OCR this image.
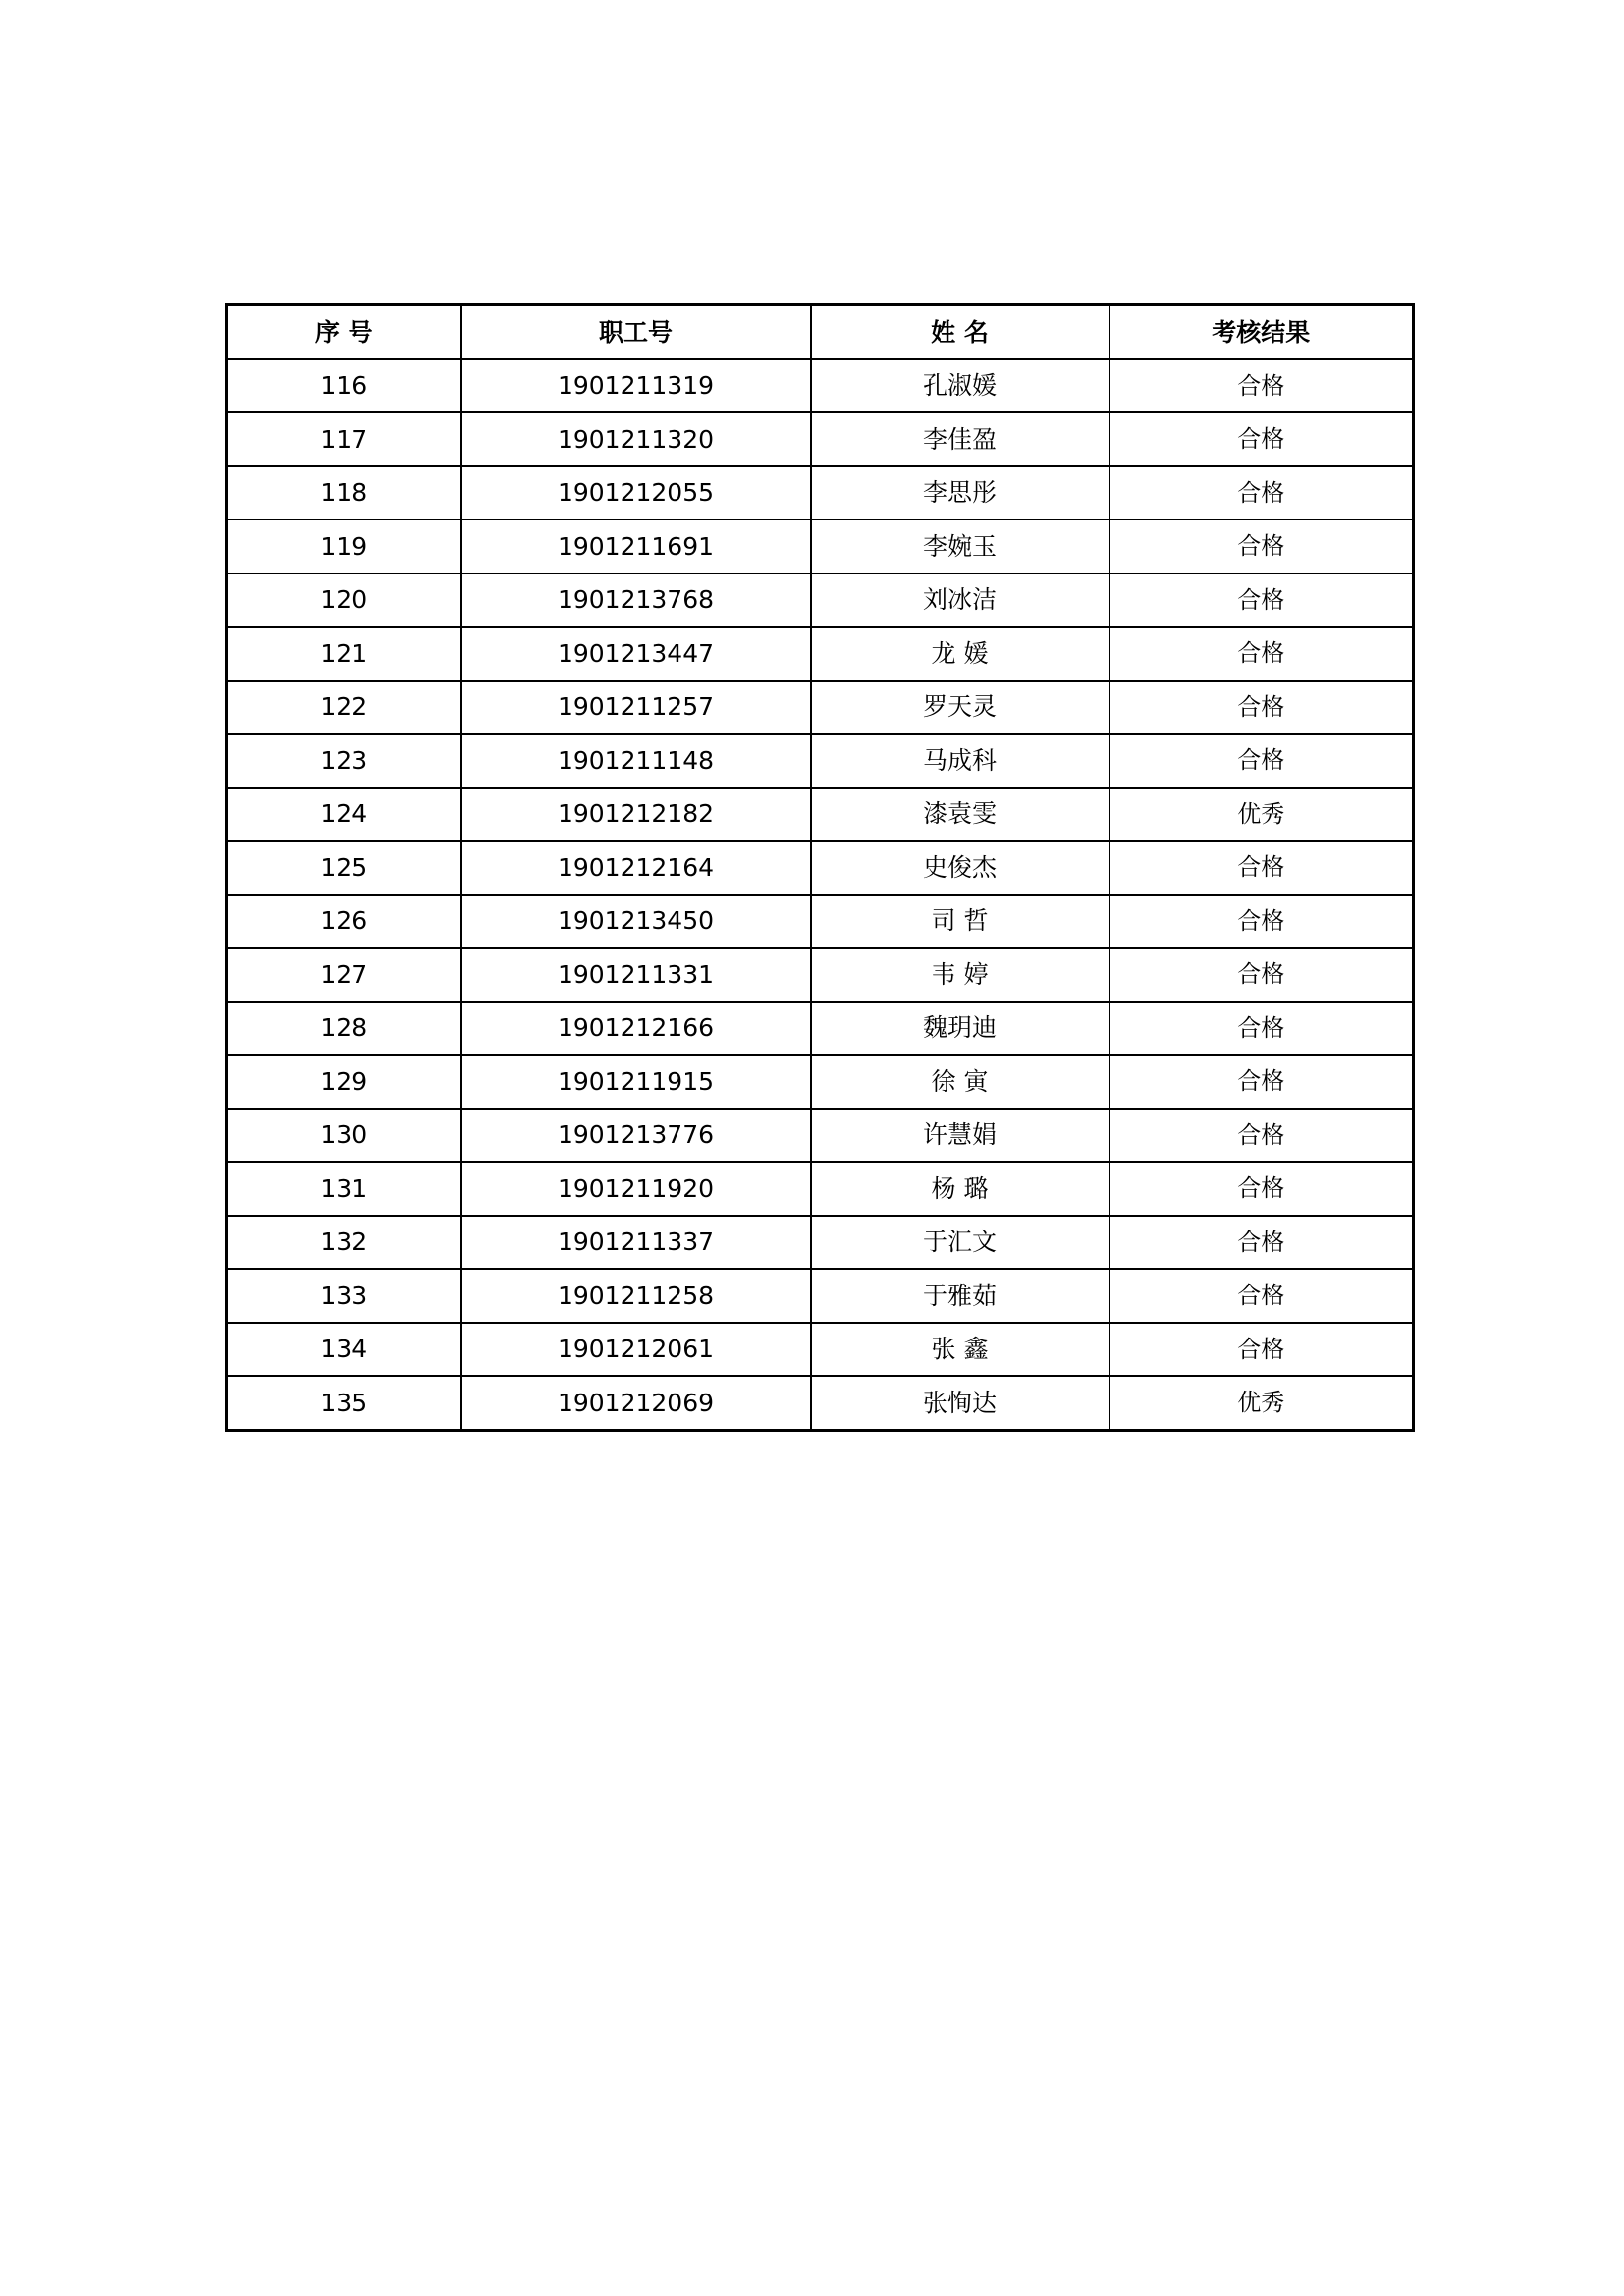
序 号	职工号	姓 名	考核结果
116	1901211319	孔淑媛	合格
117	1901211320	李佳盈	合格
118	1901212055	李思彤	合格
119	1901211691	李婉玉	合格
120	1901213768	刘冰洁	合格
121	1901213447	龙 媛	合格
122	1901211257	罗天灵	合格
123	1901211148	马成科	合格
124	1901212182	漆袁雯	优秀
125	1901212164	史俊杰	合格
126	1901213450	司 哲	合格
127	1901211331	韦 婷	合格
128	1901212166	魏玥迪	合格
129	1901211915	徐 寅	合格
130	1901213776	许慧娟	合格
131	1901211920	杨 璐	合格
132	1901211337	于汇文	合格
133	1901211258	于雅茹	合格
134	1901212061	张 鑫	合格
135	1901212069	张恂达	优秀
